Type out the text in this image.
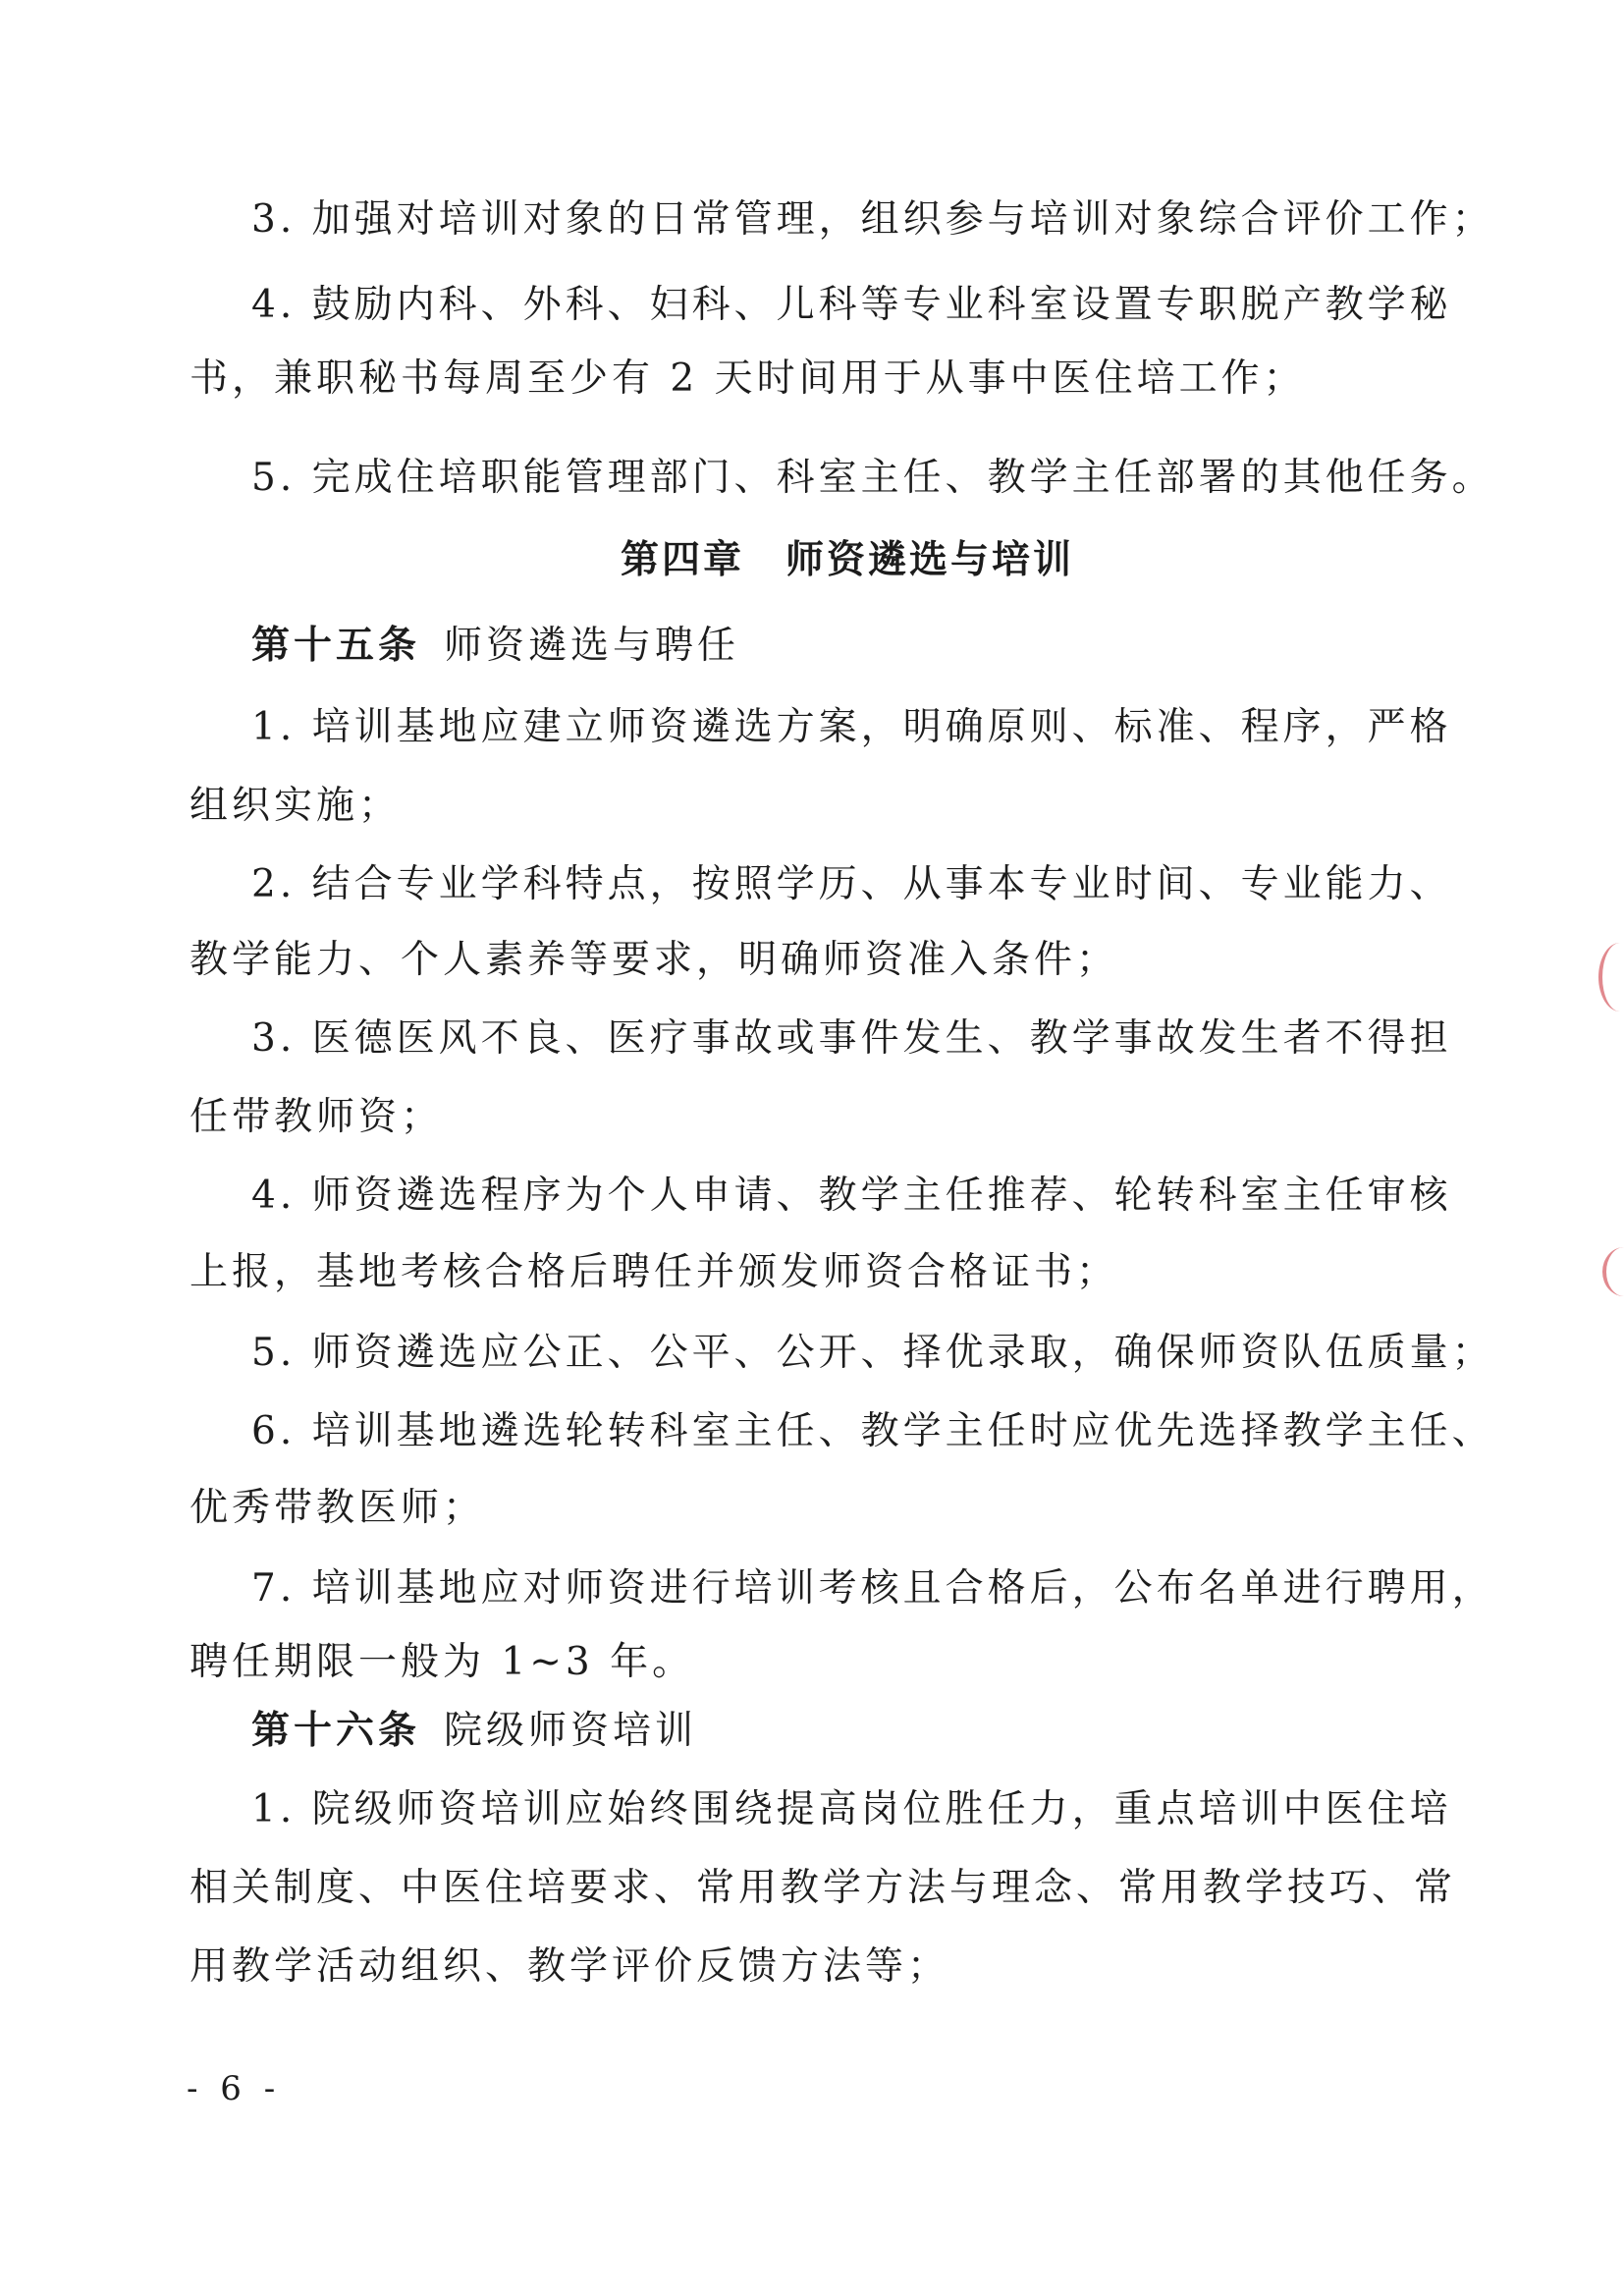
3. 加强对培训对象的日常管理，组织参与培训对象综合评价工作；
4. 鼓励内科、外科、妇科、儿科等专业科室设置专职脱产教学秘
书，兼职秘书每周至少有 2 天时间用于从事中医住培工作；
5. 完成住培职能管理部门、科室主任、教学主任部署的其他任务。
第四章　师资遴选与培训
第十五条 师资遴选与聘任
1. 培训基地应建立师资遴选方案，明确原则、标准、程序，严格
组织实施；
2. 结合专业学科特点，按照学历、从事本专业时间、专业能力、
教学能力、个人素养等要求，明确师资准入条件；
3. 医德医风不良、医疗事故或事件发生、教学事故发生者不得担
任带教师资；
4. 师资遴选程序为个人申请、教学主任推荐、轮转科室主任审核
上报，基地考核合格后聘任并颁发师资合格证书；
5. 师资遴选应公正、公平、公开、择优录取，确保师资队伍质量；
6. 培训基地遴选轮转科室主任、教学主任时应优先选择教学主任、
优秀带教医师；
7. 培训基地应对师资进行培训考核且合格后，公布名单进行聘用，
聘任期限一般为 1~3 年。
第十六条 院级师资培训
1. 院级师资培训应始终围绕提高岗位胜任力，重点培训中医住培
相关制度、中医住培要求、常用教学方法与理念、常用教学技巧、常
用教学活动组织、教学评价反馈方法等；
- 6 -
